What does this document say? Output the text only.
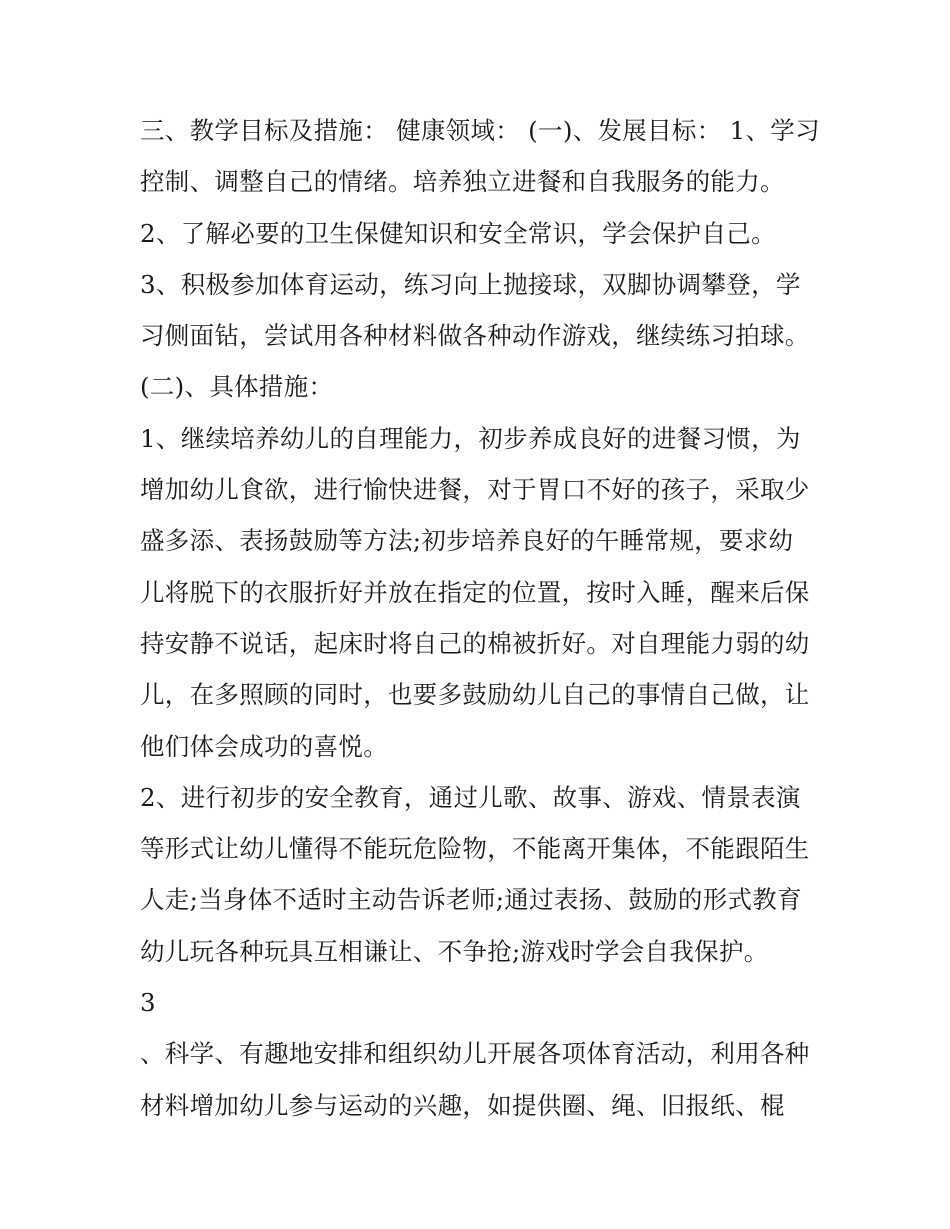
三、教学目标及措施： 健康领域： (一)、发展目标： 1、学习
控制、调整自己的情绪。培养独立进餐和自我服务的能力。
2、了解必要的卫生保健知识和安全常识，学会保护自己。
3、积极参加体育运动，练习向上抛接球，双脚协调攀登，学
习侧面钻，尝试用各种材料做各种动作游戏，继续练习拍球。
(二)、具体措施：
1、继续培养幼儿的自理能力，初步养成良好的进餐习惯，为
增加幼儿食欲，进行愉快进餐，对于胃口不好的孩子，采取少
盛多添、表扬鼓励等方法;初步培养良好的午睡常规，要求幼
儿将脱下的衣服折好并放在指定的位置，按时入睡，醒来后保
持安静不说话，起床时将自己的棉被折好。对自理能力弱的幼
儿，在多照顾的同时，也要多鼓励幼儿自己的事情自己做，让
他们体会成功的喜悦。
2、进行初步的安全教育，通过儿歌、故事、游戏、情景表演
等形式让幼儿懂得不能玩危险物，不能离开集体，不能跟陌生
人走;当身体不适时主动告诉老师;通过表扬、鼓励的形式教育
幼儿玩各种玩具互相谦让、不争抢;游戏时学会自我保护。
3
、科学、有趣地安排和组织幼儿开展各项体育活动，利用各种
材料增加幼儿参与运动的兴趣，如提供圈、绳、旧报纸、棍
